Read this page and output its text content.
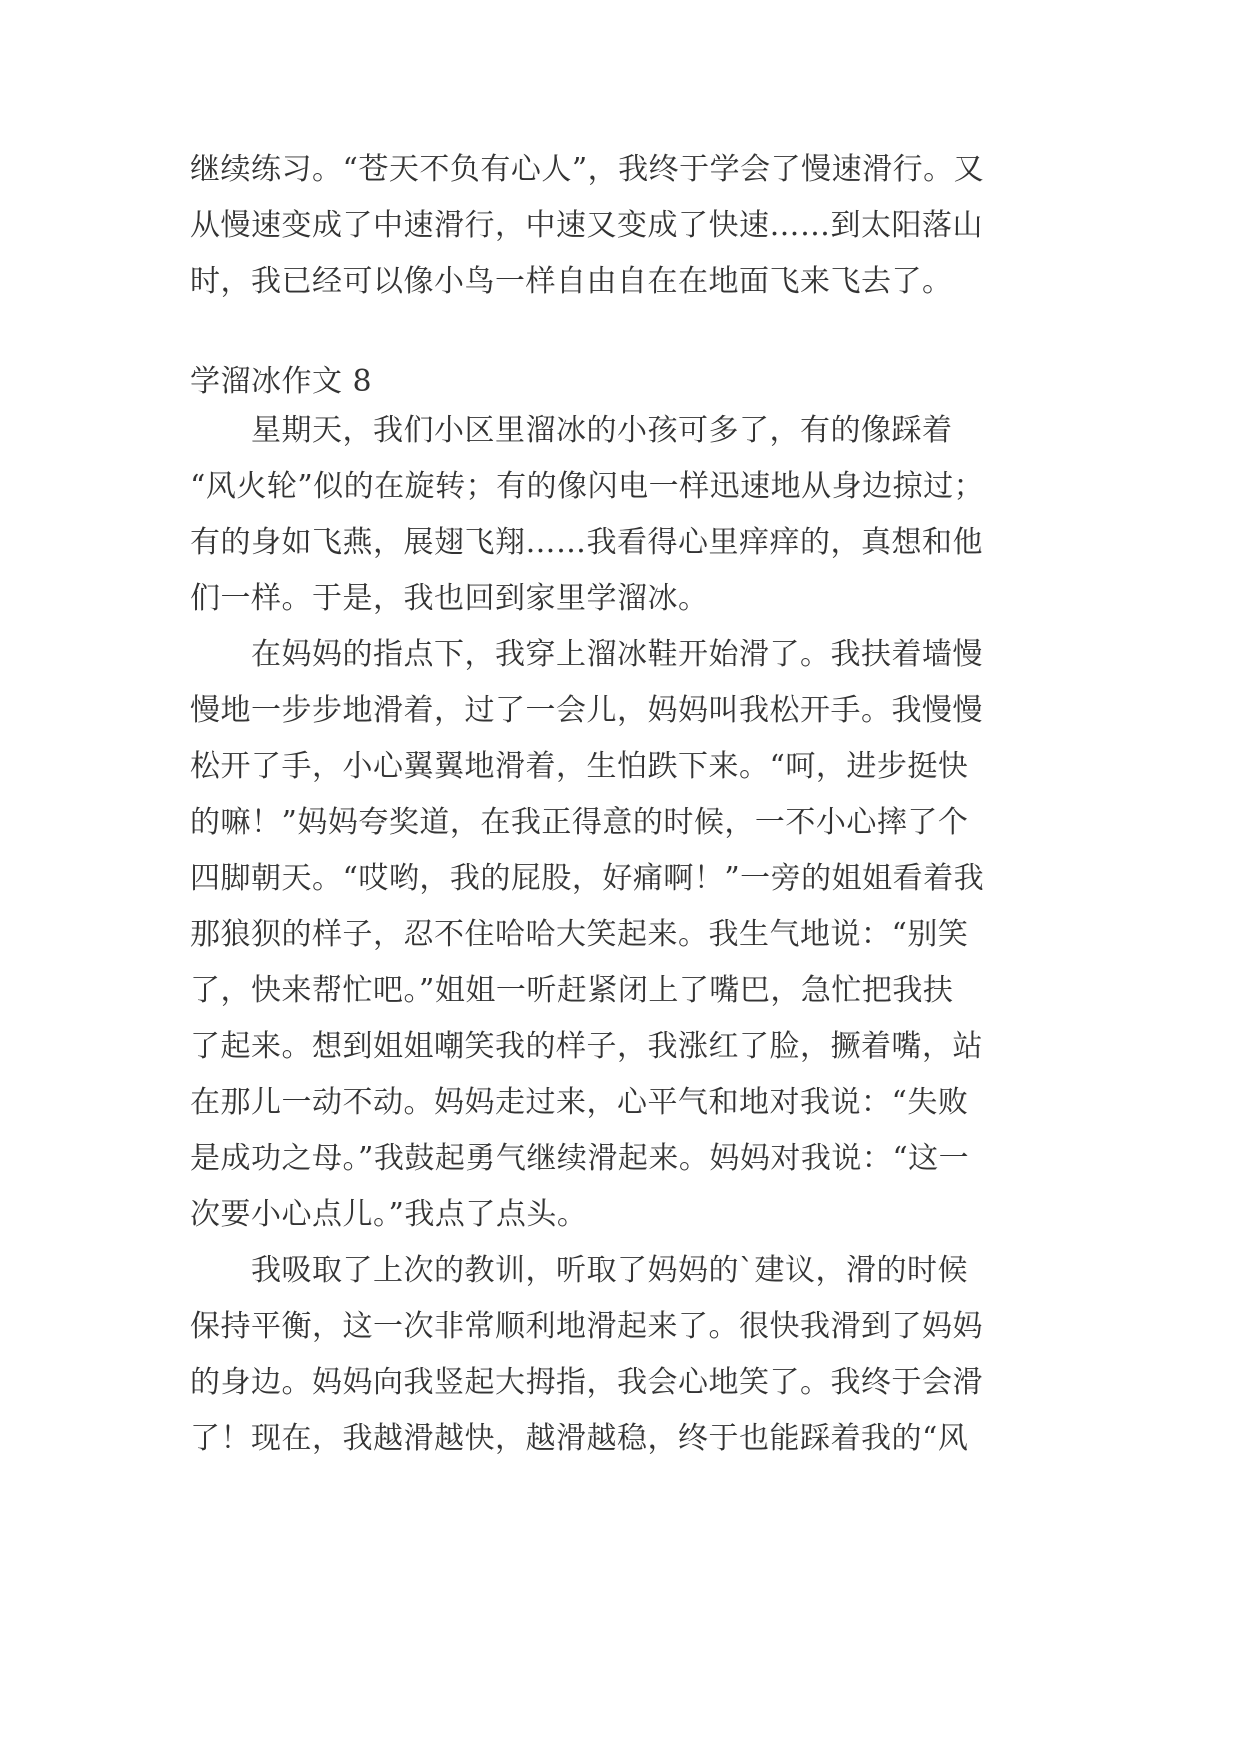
继续练习。“苍天不负有心人”，我终于学会了慢速滑行。又
从慢速变成了中速滑行，中速又变成了快速……到太阳落山
时，我已经可以像小鸟一样自由自在在地面飞来飞去了。
学溜冰作文 8
　　星期天，我们小区里溜冰的小孩可多了，有的像踩着
“风火轮”似的在旋转；有的像闪电一样迅速地从身边掠过；
有的身如飞燕，展翅飞翔……我看得心里痒痒的，真想和他
们一样。于是，我也回到家里学溜冰。
　　在妈妈的指点下，我穿上溜冰鞋开始滑了。我扶着墙慢
慢地一步步地滑着，过了一会儿，妈妈叫我松开手。我慢慢
松开了手，小心翼翼地滑着，生怕跌下来。“呵，进步挺快
的嘛！”妈妈夸奖道，在我正得意的时候，一不小心摔了个
四脚朝天。“哎哟，我的屁股，好痛啊！”一旁的姐姐看着我
那狼狈的样子，忍不住哈哈大笑起来。我生气地说：“别笑
了，快来帮忙吧。”姐姐一听赶紧闭上了嘴巴，急忙把我扶
了起来。想到姐姐嘲笑我的样子，我涨红了脸，撅着嘴，站
在那儿一动不动。妈妈走过来，心平气和地对我说：“失败
是成功之母。”我鼓起勇气继续滑起来。妈妈对我说：“这一
次要小心点儿。”我点了点头。
　　我吸取了上次的教训，听取了妈妈的`建议，滑的时候
保持平衡，这一次非常顺利地滑起来了。很快我滑到了妈妈
的身边。妈妈向我竖起大拇指，我会心地笑了。我终于会滑
了！现在，我越滑越快，越滑越稳，终于也能踩着我的“风
